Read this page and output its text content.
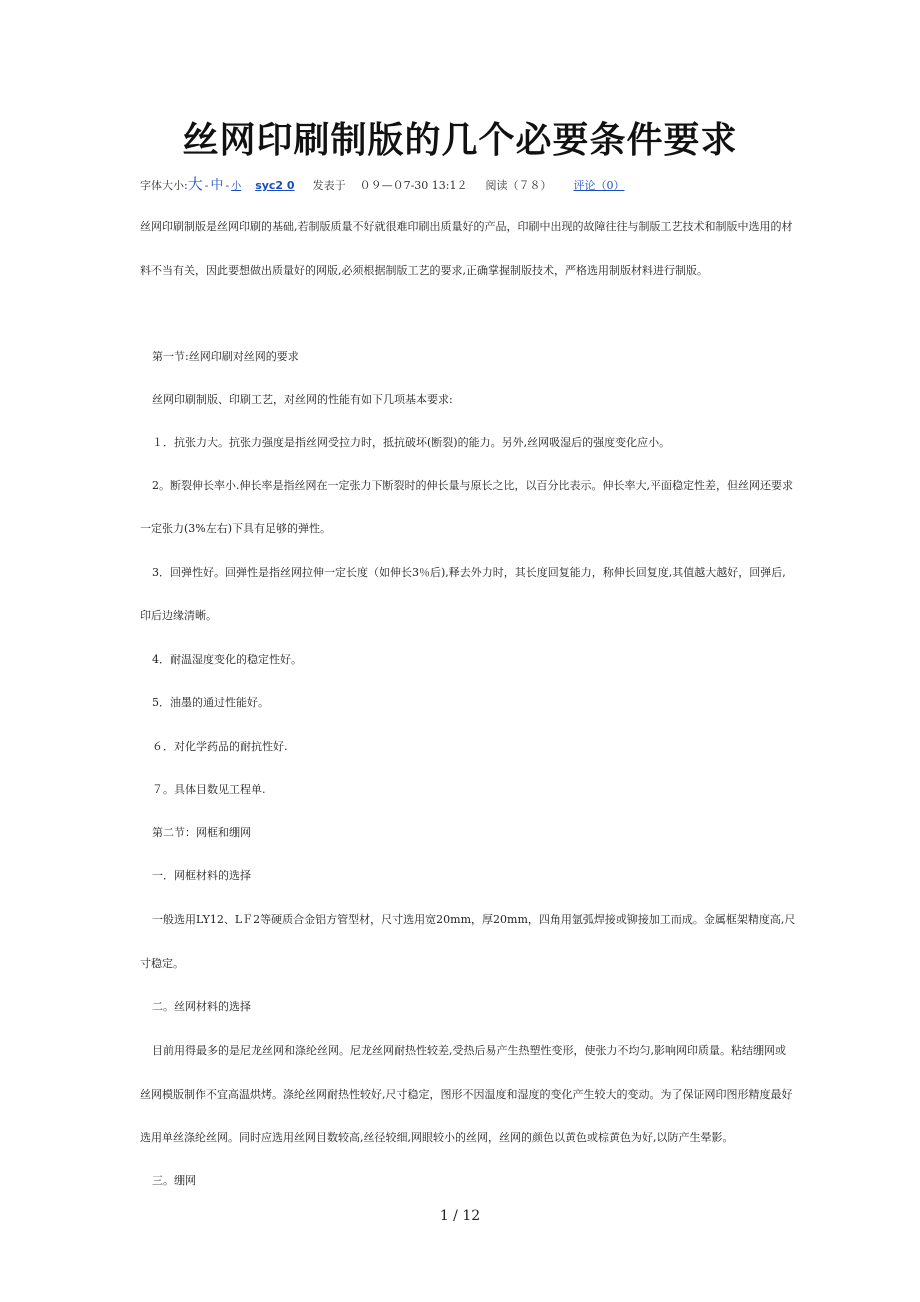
丝网印刷制版的几个必要条件要求
字体大小: 大 - 中 - 小 syc2 0 发表于 ０９—０7-30 13:1２ 阅读（７８） 评论（0）
丝网印刷制版是丝网印刷的基础,若制版质量不好就很难印刷出质量好的产品，印刷中出现的故障往往与制版工艺技术和制版中选用的材
料不当有关，因此要想做出质量好的网版,必须根据制版工艺的要求,正确掌握制版技术，严格选用制版材料进行制版。
第一节:丝网印刷对丝网的要求
丝网印刷制版、印刷工艺，对丝网的性能有如下几项基本要求:
１．抗张力大。抗张力强度是指丝网受拉力时，抵抗破坏(断裂)的能力。另外,丝网吸湿后的强度变化应小。
2。断裂伸长率小.伸长率是指丝网在一定张力下断裂时的伸长量与原长之比，以百分比表示。伸长率大,平面稳定性差，但丝网还要求
一定张力(3%左右)下具有足够的弹性。
3．回弹性好。回弹性是指丝网拉伸一定长度（如伸长3％后),释去外力时，其长度回复能力，称伸长回复度,其值越大越好，回弹后,
印后边缘清晰。
4．耐温湿度变化的稳定性好。
5．油墨的通过性能好。
６．对化学药品的耐抗性好.
７。具体目数见工程单.
第二节：网框和绷网
一．网框材料的选择
一般选用LY12、LＦ2等硬质合金铝方管型材，尺寸选用宽20mm，厚20mm，四角用氩弧焊接或铆接加工而成。金属框架精度高,尺
寸稳定。
二。丝网材料的选择
目前用得最多的是尼龙丝网和涤纶丝网。尼龙丝网耐热性较差,受热后易产生热塑性变形，使张力不均匀,影响网印质量。粘结绷网或
丝网模版制作不宜高温烘烤。涤纶丝网耐热性较好,尺寸稳定，图形不因温度和湿度的变化产生较大的变动。为了保证网印图形精度最好
选用单丝涤纶丝网。同时应选用丝网目数较高,丝径较细,网眼较小的丝网，丝网的颜色以黄色或棕黄色为好,以防产生晕影。
三。绷网
1 / 12
